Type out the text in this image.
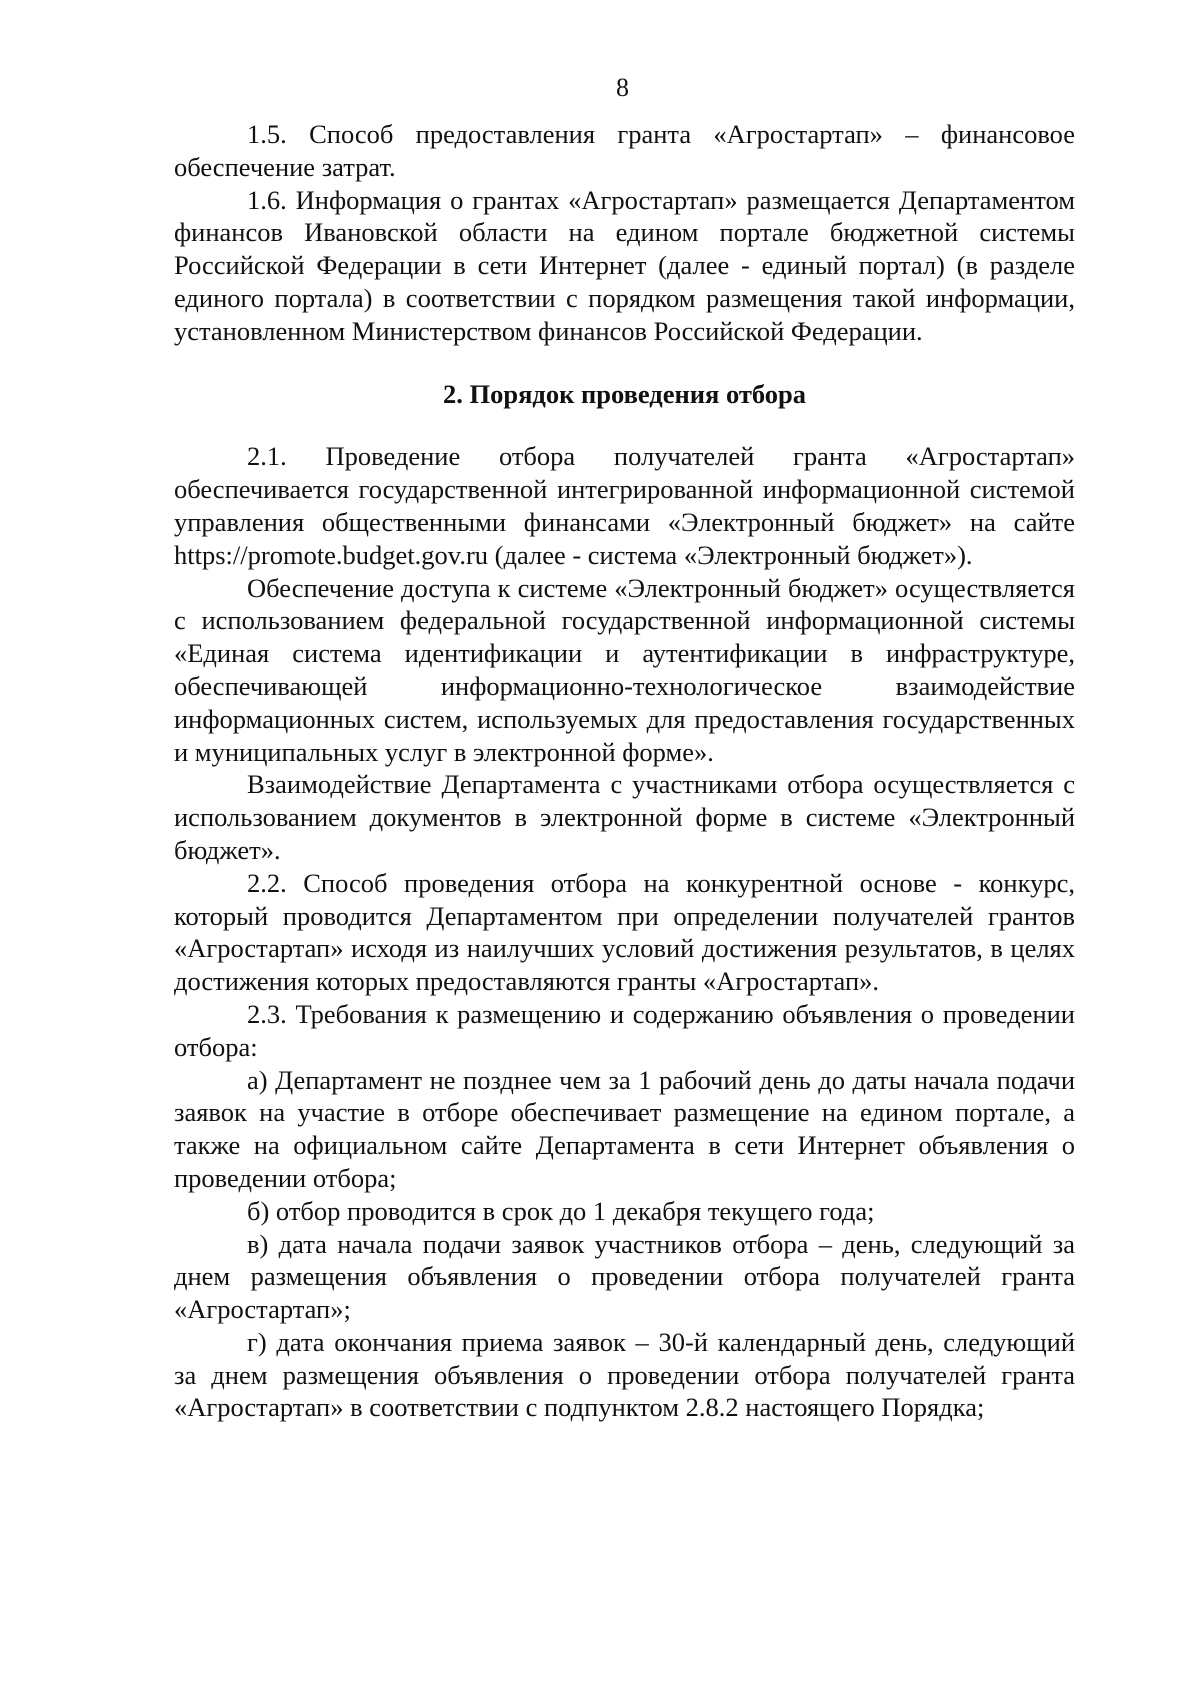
8

1.5. Способ предоставления гранта «Агростартап» – финансовое обеспечение затрат.

1.6. Информация о грантах «Агростартап» размещается Департаментом финансов Ивановской области на едином портале бюджетной системы Российской Федерации в сети Интернет (далее - единый портал) (в разделе единого портала) в соответствии с порядком размещения такой информации, установленном Министерством финансов Российской Федерации.

2. Порядок проведения отбора

2.1. Проведение отбора получателей гранта «Агростартап» обеспечивается государственной интегрированной информационной системой управления общественными финансами «Электронный бюджет» на сайте https://promote.budget.gov.ru (далее - система «Электронный бюджет»).

Обеспечение доступа к системе «Электронный бюджет» осуществляется с использованием федеральной государственной информационной системы «Единая система идентификации и аутентификации в инфраструктуре, обеспечивающей информационно-технологическое взаимодействие информационных систем, используемых для предоставления государственных и муниципальных услуг в электронной форме».

Взаимодействие Департамента с участниками отбора осуществляется с использованием документов в электронной форме в системе «Электронный бюджет».

2.2. Способ проведения отбора на конкурентной основе - конкурс, который проводится Департаментом при определении получателей грантов «Агростартап» исходя из наилучших условий достижения результатов, в целях достижения которых предоставляются гранты «Агростартап».

2.3. Требования к размещению и содержанию объявления о проведении отбора:

а) Департамент не позднее чем за 1 рабочий день до даты начала подачи заявок на участие в отборе обеспечивает размещение на едином портале, а также на официальном сайте Департамента в сети Интернет объявления о проведении отбора;

б) отбор проводится в срок до 1 декабря текущего года;

в) дата начала подачи заявок участников отбора – день, следующий за днем размещения объявления о проведении отбора получателей гранта «Агростартап»;

г) дата окончания приема заявок – 30-й календарный день, следующий за днем размещения объявления о проведении отбора получателей гранта «Агростартап» в соответствии с подпунктом 2.8.2 настоящего Порядка;
